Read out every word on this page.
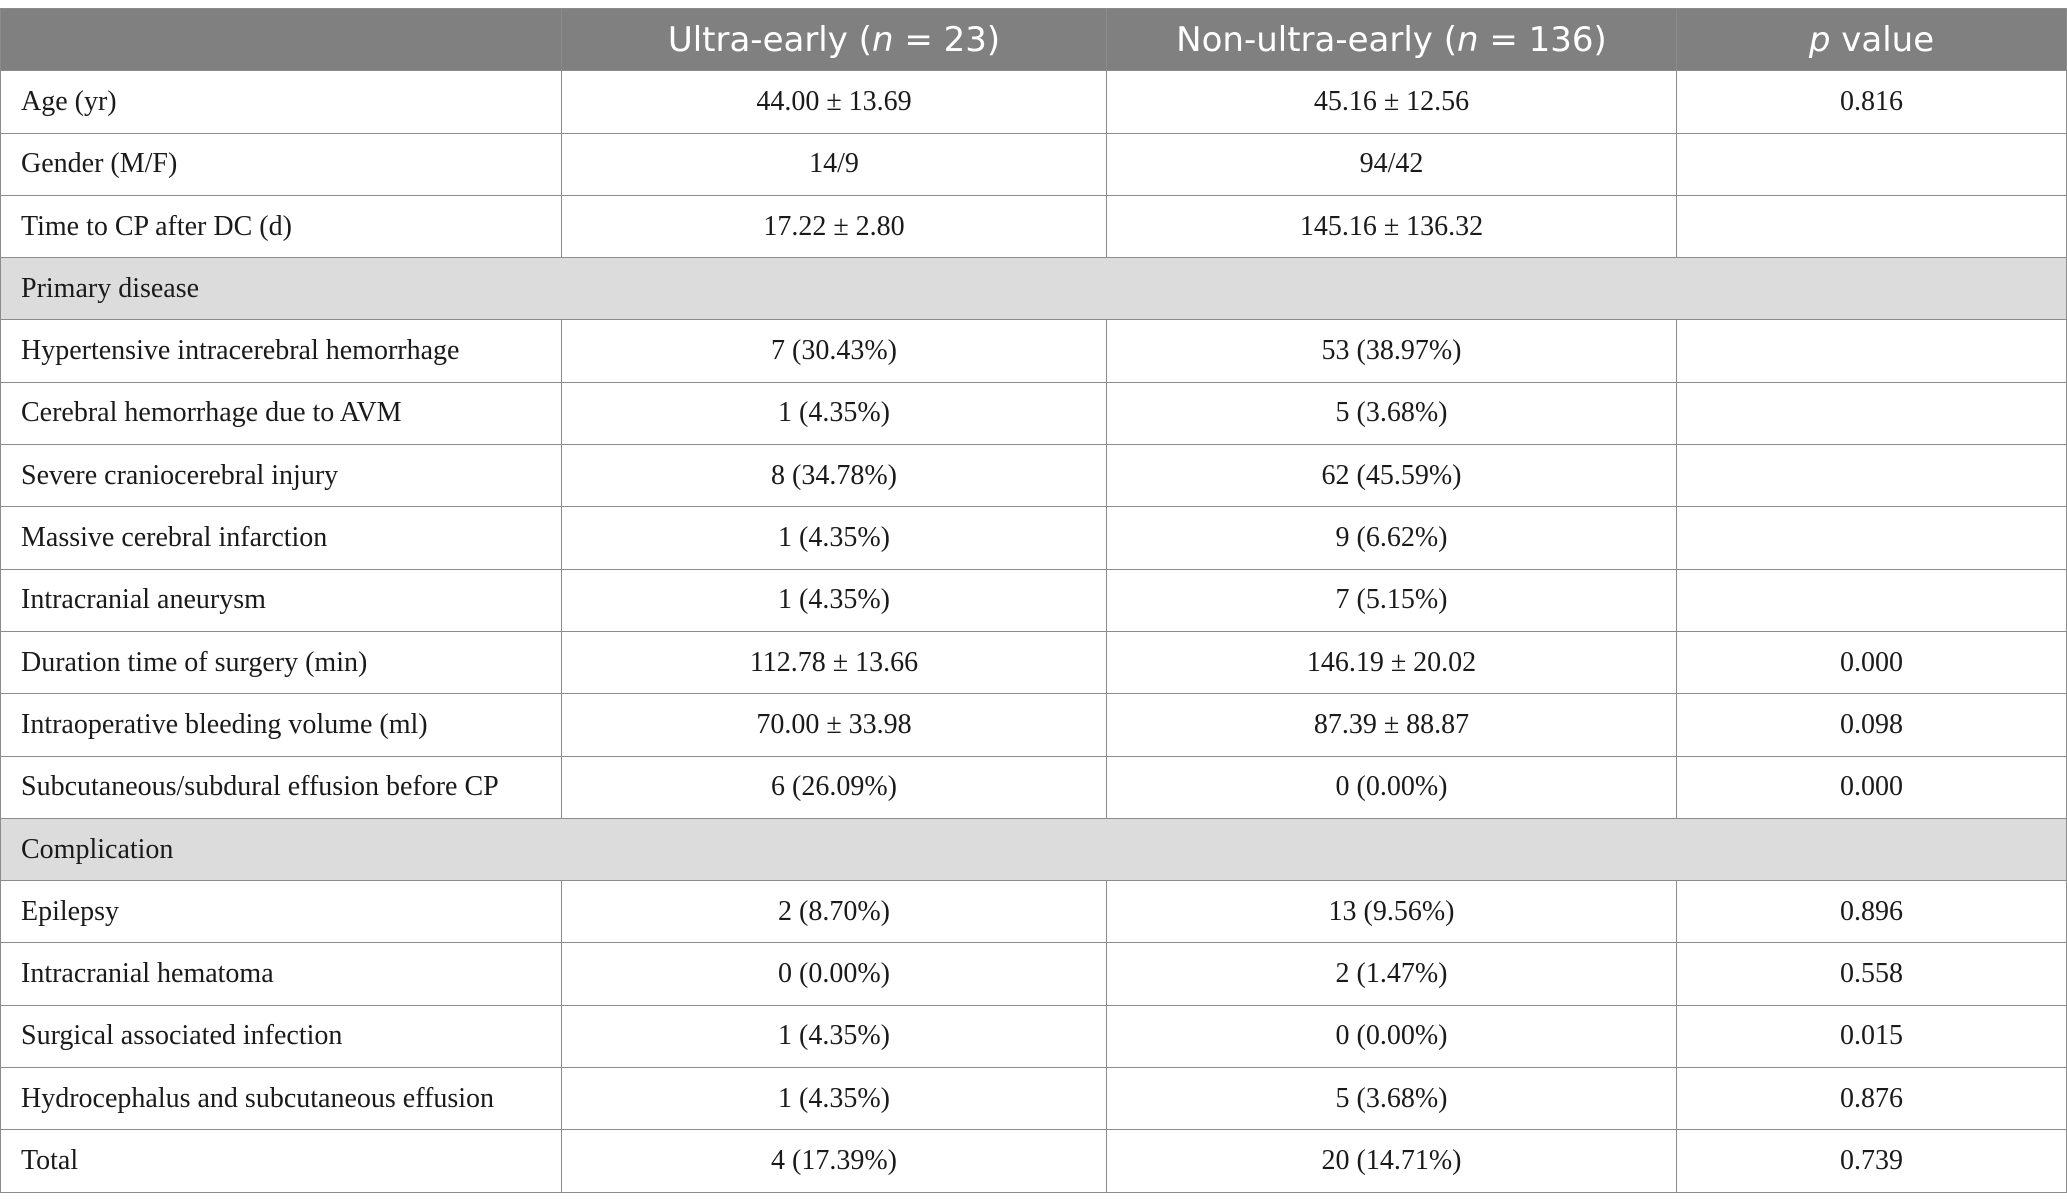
	Ultra-early (n = 23)	Non-ultra-early (n = 136)	p value
Age (yr)	44.00 ± 13.69	45.16 ± 12.56	0.816
Gender (M/F)	14/9	94/42	
Time to CP after DC (d)	17.22 ± 2.80	145.16 ± 136.32	
Primary disease			
Hypertensive intracerebral hemorrhage	7 (30.43%)	53 (38.97%)	
Cerebral hemorrhage due to AVM	1 (4.35%)	5 (3.68%)	
Severe craniocerebral injury	8 (34.78%)	62 (45.59%)	
Massive cerebral infarction	1 (4.35%)	9 (6.62%)	
Intracranial aneurysm	1 (4.35%)	7 (5.15%)	
Duration time of surgery (min)	112.78 ± 13.66	146.19 ± 20.02	0.000
Intraoperative bleeding volume (ml)	70.00 ± 33.98	87.39 ± 88.87	0.098
Subcutaneous/subdural effusion before CP	6 (26.09%)	0 (0.00%)	0.000
Complication			
Epilepsy	2 (8.70%)	13 (9.56%)	0.896
Intracranial hematoma	0 (0.00%)	2 (1.47%)	0.558
Surgical associated infection	1 (4.35%)	0 (0.00%)	0.015
Hydrocephalus and subcutaneous effusion	1 (4.35%)	5 (3.68%)	0.876
Total	4 (17.39%)	20 (14.71%)	0.739
